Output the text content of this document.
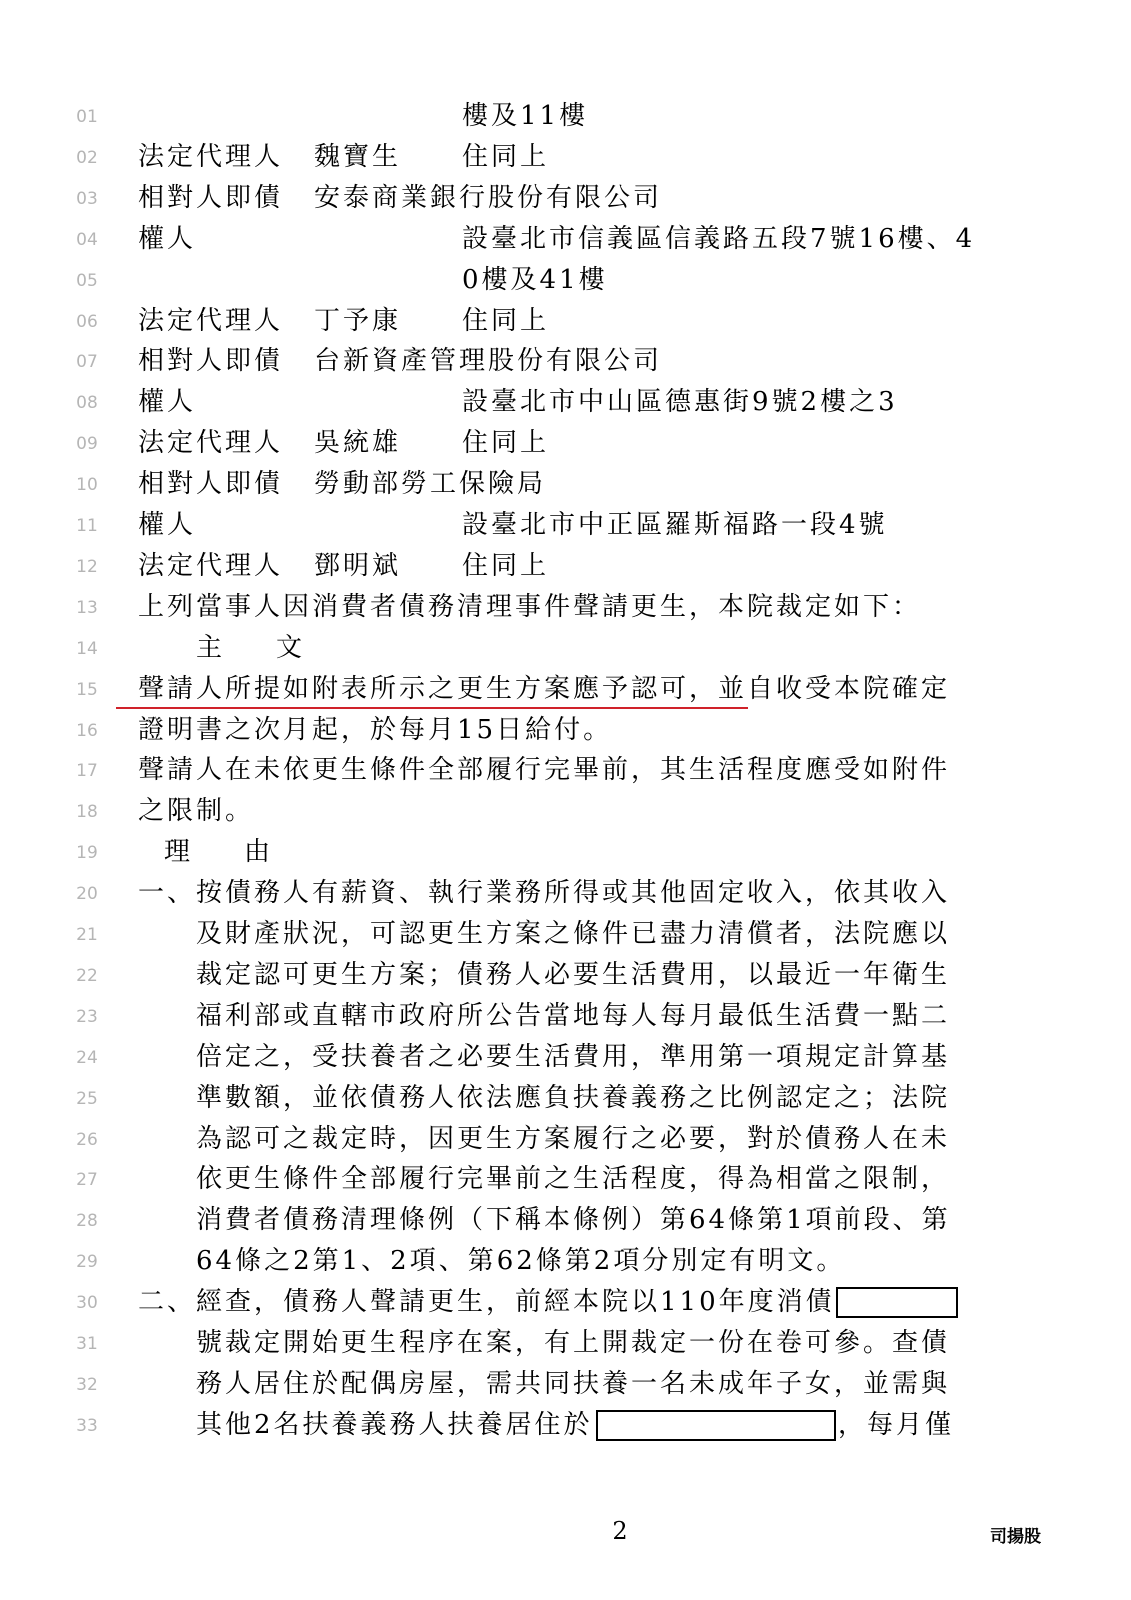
01	樓及11樓
02	法定代理人 魏寶生 住同上
03	相對人即債 安泰商業銀行股份有限公司
04	權人	設臺北市信義區信義路五段7號16樓、4
05	0樓及41樓
06	法定代理人 丁予康 住同上
07	相對人即債 台新資產管理股份有限公司
08	權人	設臺北市中山區德惠街9號2樓之3
09	法定代理人 吳統雄 住同上
10	相對人即債 勞動部勞工保險局
11	權人	設臺北市中正區羅斯福路一段4號
12	法定代理人 鄧明斌 住同上
13	上列當事人因消費者債務清理事件聲請更生，本院裁定如下：
14	主　文
15	聲請人所提如附表所示之更生方案應予認可，並自收受本院確定
16	證明書之次月起，於每月15日給付。
17	聲請人在未依更生條件全部履行完畢前，其生活程度應受如附件
18	之限制。
19	理　由
20	一、按債務人有薪資、執行業務所得或其他固定收入，依其收入
21	及財產狀況，可認更生方案之條件已盡力清償者，法院應以
22	裁定認可更生方案；債務人必要生活費用，以最近一年衛生
23	福利部或直轄市政府所公告當地每人每月最低生活費一點二
24	倍定之，受扶養者之必要生活費用，準用第一項規定計算基
25	準數額，並依債務人依法應負扶養義務之比例認定之；法院
26	為認可之裁定時，因更生方案履行之必要，對於債務人在未
27	依更生條件全部履行完畢前之生活程度，得為相當之限制，
28	消費者債務清理條例（下稱本條例）第64條第1項前段、第
29	64條之2第1、2項、第62條第2項分別定有明文。
30	二、經查，債務人聲請更生，前經本院以110年度消債
31	號裁定開始更生程序在案，有上開裁定一份在卷可參。查債
32	務人居住於配偶房屋，需共同扶養一名未成年子女，並需與
33	其他2名扶養義務人扶養居住於	，每月僅
2	司揚股
